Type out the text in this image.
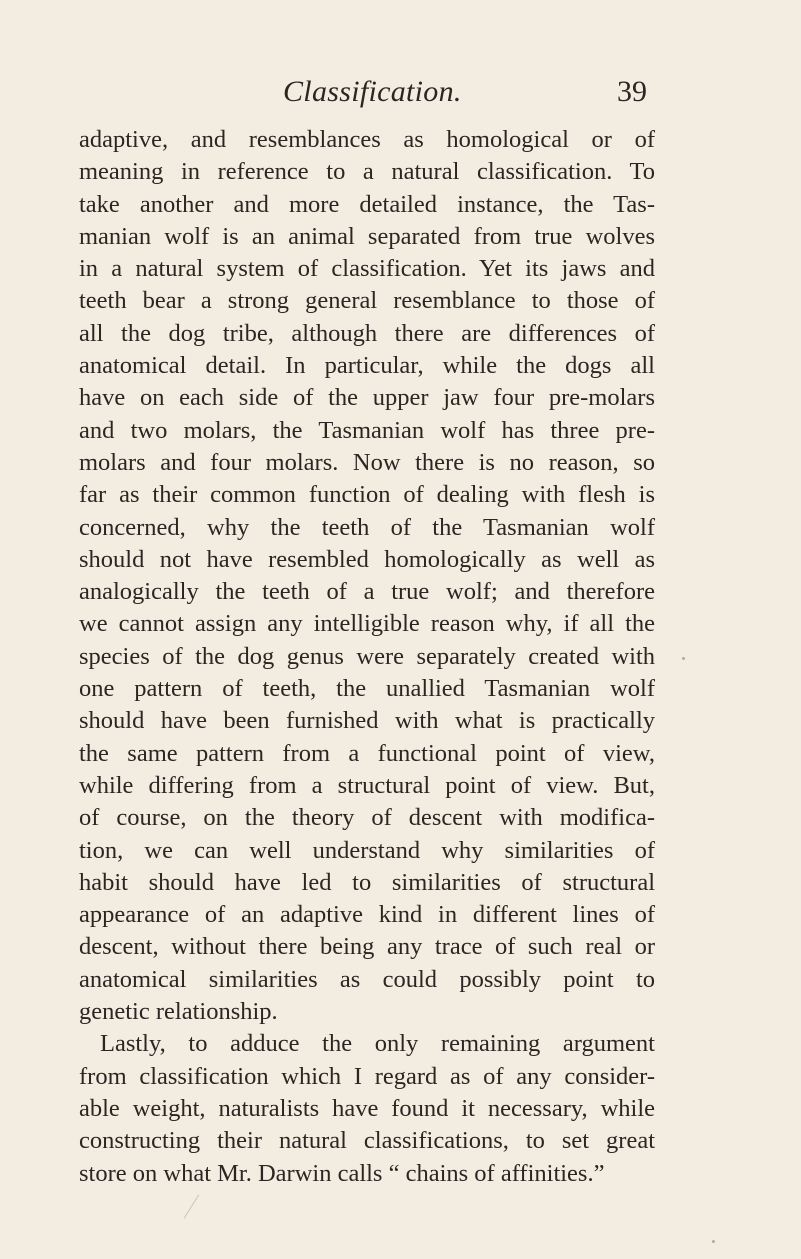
Classification.	39
adaptive, and resemblances as homological or of
meaning in reference to a natural classification. To
take another and more detailed instance, the Tas-
manian wolf is an animal separated from true wolves
in a natural system of classification. Yet its jaws and
teeth bear a strong general resemblance to those of
all the dog tribe, although there are differences of
anatomical detail. In particular, while the dogs all
have on each side of the upper jaw four pre-molars
and two molars, the Tasmanian wolf has three pre-
molars and four molars. Now there is no reason, so
far as their common function of dealing with flesh is
concerned, why the teeth of the Tasmanian wolf
should not have resembled homologically as well as
analogically the teeth of a true wolf; and therefore
we cannot assign any intelligible reason why, if all the
species of the dog genus were separately created with
one pattern of teeth, the unallied Tasmanian wolf
should have been furnished with what is practically
the same pattern from a functional point of view,
while differing from a structural point of view. But,
of course, on the theory of descent with modifica-
tion, we can well understand why similarities of
habit should have led to similarities of structural
appearance of an adaptive kind in different lines of
descent, without there being any trace of such real or
anatomical similarities as could possibly point to
genetic relationship.
Lastly, to adduce the only remaining argument
from classification which I regard as of any consider-
able weight, naturalists have found it necessary, while
constructing their natural classifications, to set great
store on what Mr. Darwin calls “ chains of affinities.”
